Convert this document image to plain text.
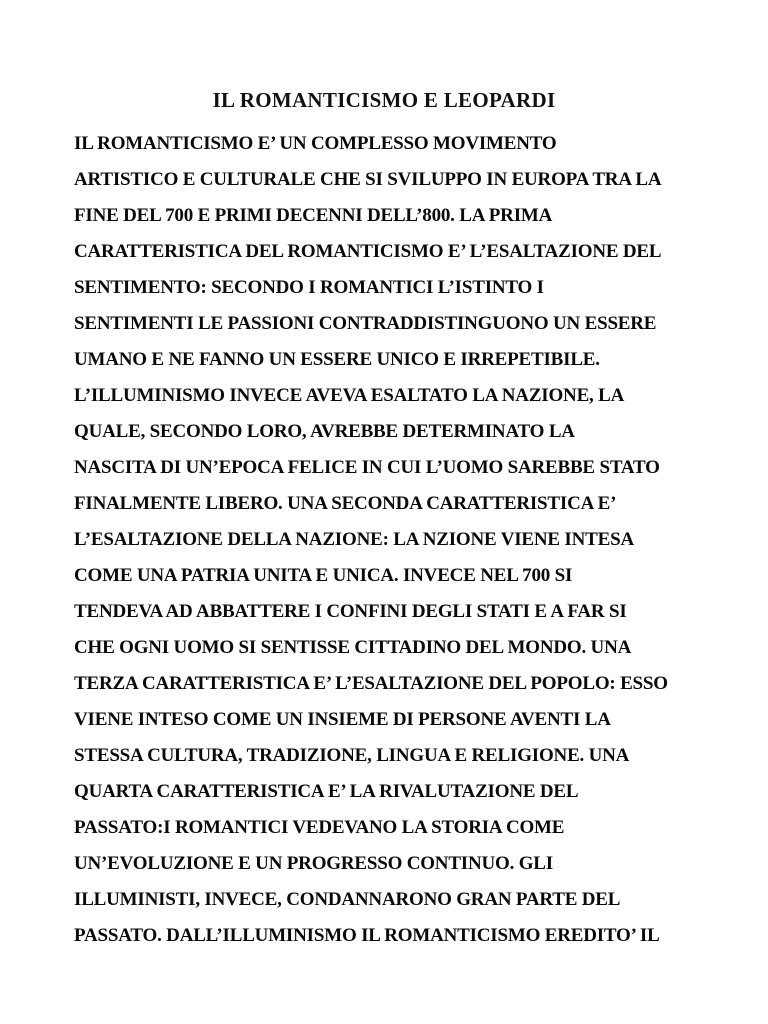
IL ROMANTICISMO E LEOPARDI
IL ROMANTICISMO E’ UN COMPLESSO MOVIMENTO
ARTISTICO E CULTURALE CHE SI SVILUPPO IN EUROPA TRA LA
FINE DEL 700 E PRIMI DECENNI DELL’800. LA PRIMA
CARATTERISTICA DEL ROMANTICISMO E’ L’ESALTAZIONE DEL
SENTIMENTO: SECONDO I ROMANTICI L’ISTINTO I
SENTIMENTI LE PASSIONI CONTRADDISTINGUONO UN ESSERE
UMANO E NE FANNO UN ESSERE UNICO E IRREPETIBILE.
L’ILLUMINISMO INVECE AVEVA ESALTATO LA NAZIONE, LA
QUALE, SECONDO LORO, AVREBBE DETERMINATO LA
NASCITA DI UN’EPOCA FELICE IN CUI L’UOMO SAREBBE STATO
FINALMENTE LIBERO. UNA SECONDA CARATTERISTICA E’
L’ESALTAZIONE DELLA NAZIONE: LA NZIONE VIENE INTESA
COME UNA PATRIA UNITA E UNICA. INVECE NEL 700 SI
TENDEVA AD ABBATTERE I CONFINI DEGLI STATI E A FAR SI
CHE OGNI UOMO SI SENTISSE CITTADINO DEL MONDO. UNA
TERZA CARATTERISTICA E’ L’ESALTAZIONE DEL POPOLO: ESSO
VIENE INTESO COME UN INSIEME DI PERSONE AVENTI LA
STESSA CULTURA, TRADIZIONE, LINGUA E RELIGIONE. UNA
QUARTA CARATTERISTICA E’ LA RIVALUTAZIONE DEL
PASSATO:I ROMANTICI VEDEVANO LA STORIA COME
UN’EVOLUZIONE E UN PROGRESSO CONTINUO. GLI
ILLUMINISTI, INVECE, CONDANNARONO GRAN PARTE DEL
PASSATO. DALL’ILLUMINISMO IL ROMANTICISMO EREDITO’ IL
